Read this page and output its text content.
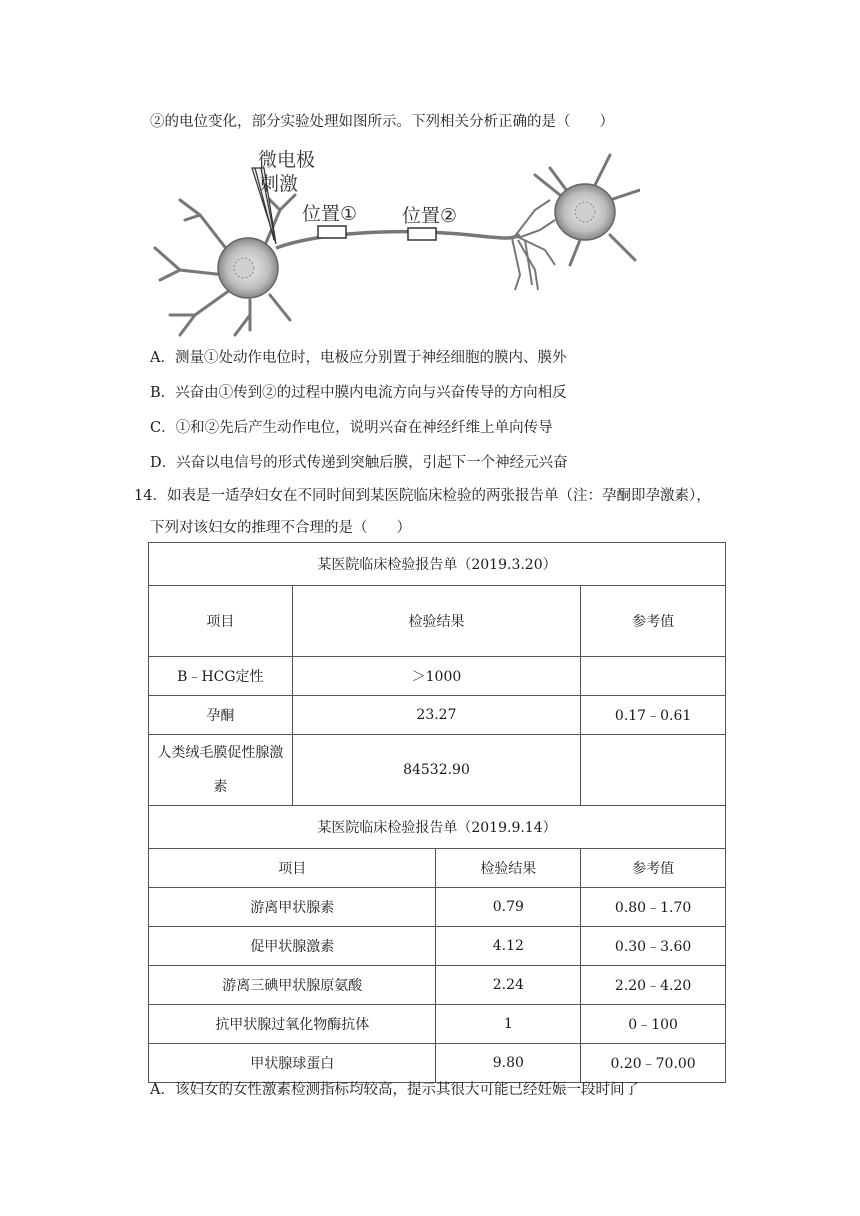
②的电位变化，部分实验处理如图所示。下列相关分析正确的是（　　）
微电极
刺激
位置① 位置②
A．测量①处动作电位时，电极应分别置于神经细胞的膜内、膜外
B．兴奋由①传到②的过程中膜内电流方向与兴奋传导的方向相反
C．①和②先后产生动作电位，说明兴奋在神经纤维上单向传导
D．兴奋以电信号的形式传递到突触后膜，引起下一个神经元兴奋
14．如表是一适孕妇女在不同时间到某医院临床检验的两张报告单（注：孕酮即孕激素），
下列对该妇女的推理不合理的是（　　）
某医院临床检验报告单（2019.3.20）			
项目	检验结果		参考值
B﹣HCG定性	＞1000		
孕酮	23.27		0.17﹣0.61
人类绒毛膜促性腺激素	84532.90		
某医院临床检验报告单（2019.9.14）			
项目		检验结果	参考值
游离甲状腺素		0.79	0.80﹣1.70
促甲状腺激素		4.12	0.30﹣3.60
游离三碘甲状腺原氨酸		2.24	2.20﹣4.20
抗甲状腺过氧化物酶抗体		1	0﹣100
甲状腺球蛋白		9.80	0.20﹣70.00
A．该妇女的女性激素检测指标均较高，提示其很大可能已经妊娠一段时间了
